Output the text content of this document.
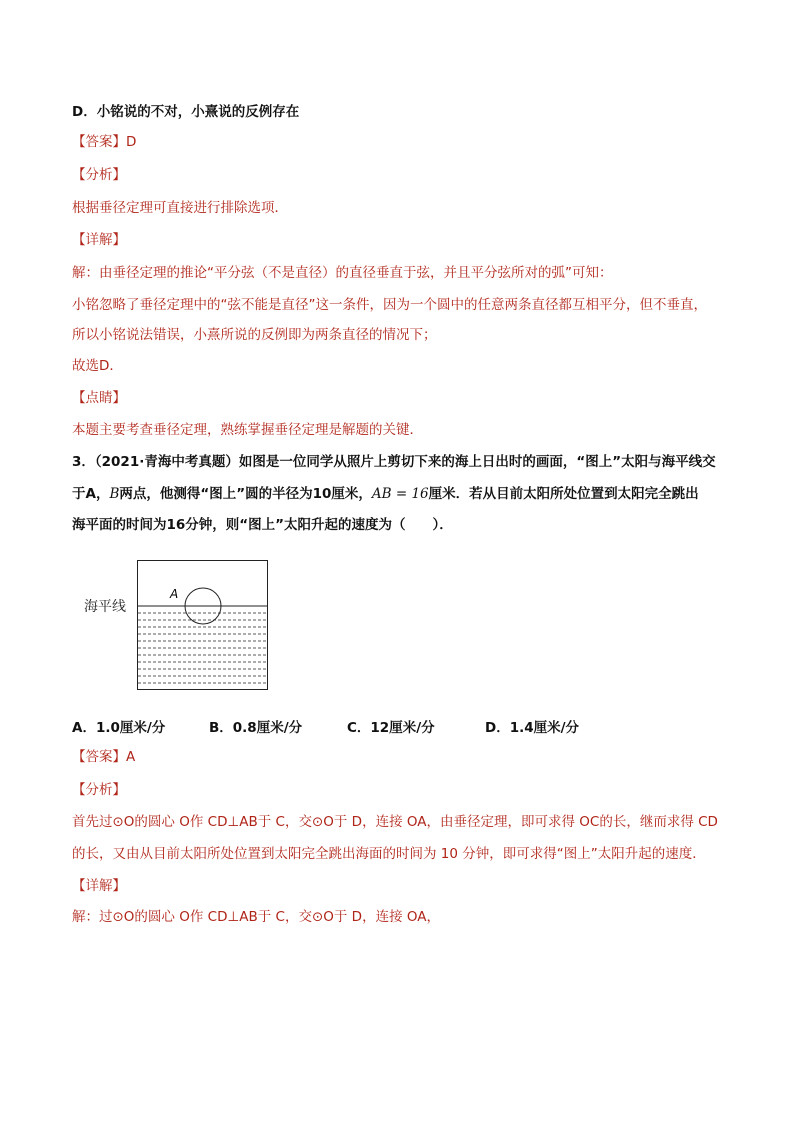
D．小铭说的不对，小熹说的反例存在
【答案】D
【分析】
根据垂径定理可直接进行排除选项．
【详解】
解：由垂径定理的推论“平分弦（不是直径）的直径垂直于弦，并且平分弦所对的弧”可知：
小铭忽略了垂径定理中的“弦不能是直径”这一条件，因为一个圆中的任意两条直径都互相平分，但不垂直，
所以小铭说法错误，小熹所说的反例即为两条直径的情况下；
故选D．
【点睛】
本题主要考查垂径定理，熟练掌握垂径定理是解题的关键．
3．（2021·青海中考真题）如图是一位同学从照片上剪切下来的海上日出时的画面，“图上”太阳与海平线交
于A，B两点，他测得“图上”圆的半径为10厘米，AB = 16厘米．若从目前太阳所处位置到太阳完全跳出
海平面的时间为16分钟，则“图上”太阳升起的速度为（　　）．
海平线
A
A．1.0厘米/分	B．0.8厘米/分	C．12厘米/分	D．1.4厘米/分
【答案】A
【分析】
首先过⊙O的圆心 O作 CD⊥AB于 C，交⊙O于 D，连接 OA，由垂径定理，即可求得 OC的长，继而求得 CD
的长，又由从目前太阳所处位置到太阳完全跳出海面的时间为 10 分钟，即可求得“图上”太阳升起的速度．
【详解】
解：过⊙O的圆心 O作 CD⊥AB于 C，交⊙O于 D，连接 OA，
